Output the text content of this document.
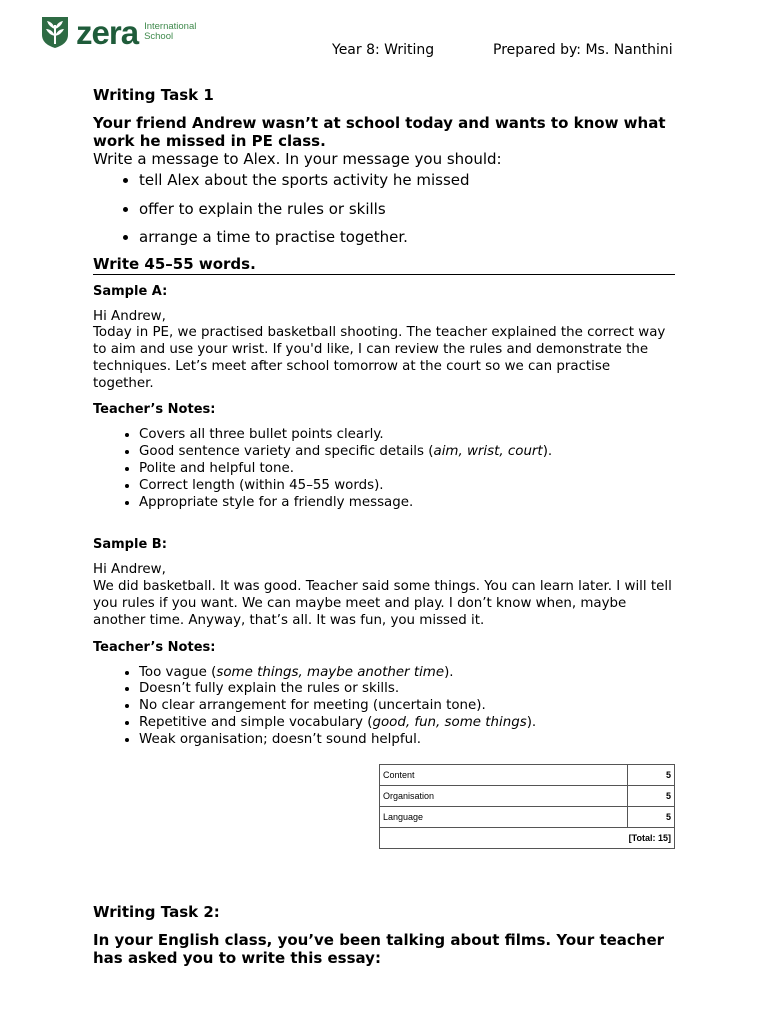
zera International
School
Year 8: Writing	Prepared by: Ms. Nanthini
Writing Task 1

Your friend Andrew wasn’t at school today and wants to know what work he missed in PE class.

Write a message to Alex. In your message you should:

• tell Alex about the sports activity he missed
• offer to explain the rules or skills
• arrange a time to practise together.
Write 45–55 words.
Sample A:

Hi Andrew,

Today in PE, we practised basketball shooting. The teacher explained the correct way to aim and use your wrist. If you'd like, I can review the rules and demonstrate the techniques. Let’s meet after school tomorrow at the court so we can practise together.

Teacher’s Notes:
• Covers all three bullet points clearly.
• Good sentence variety and specific details (aim, wrist, court).
• Polite and helpful tone.
• Correct length (within 45–55 words).
• Appropriate style for a friendly message.
Sample B:

Hi Andrew,

We did basketball. It was good. Teacher said some things. You can learn later. I will tell you rules if you want. We can maybe meet and play. I don’t know when, maybe another time. Anyway, that’s all. It was fun, you missed it.

Teacher’s Notes:
• Too vague (some things, maybe another time).
• Doesn’t fully explain the rules or skills.
• No clear arrangement for meeting (uncertain tone).
• Repetitive and simple vocabulary (good, fun, some things).
• Weak organisation; doesn’t sound helpful.
Content	5
Organisation	5
Language	5
[Total: 15]	
Writing Task 2:

In your English class, you’ve been talking about films. Your teacher has asked you to write this essay:
